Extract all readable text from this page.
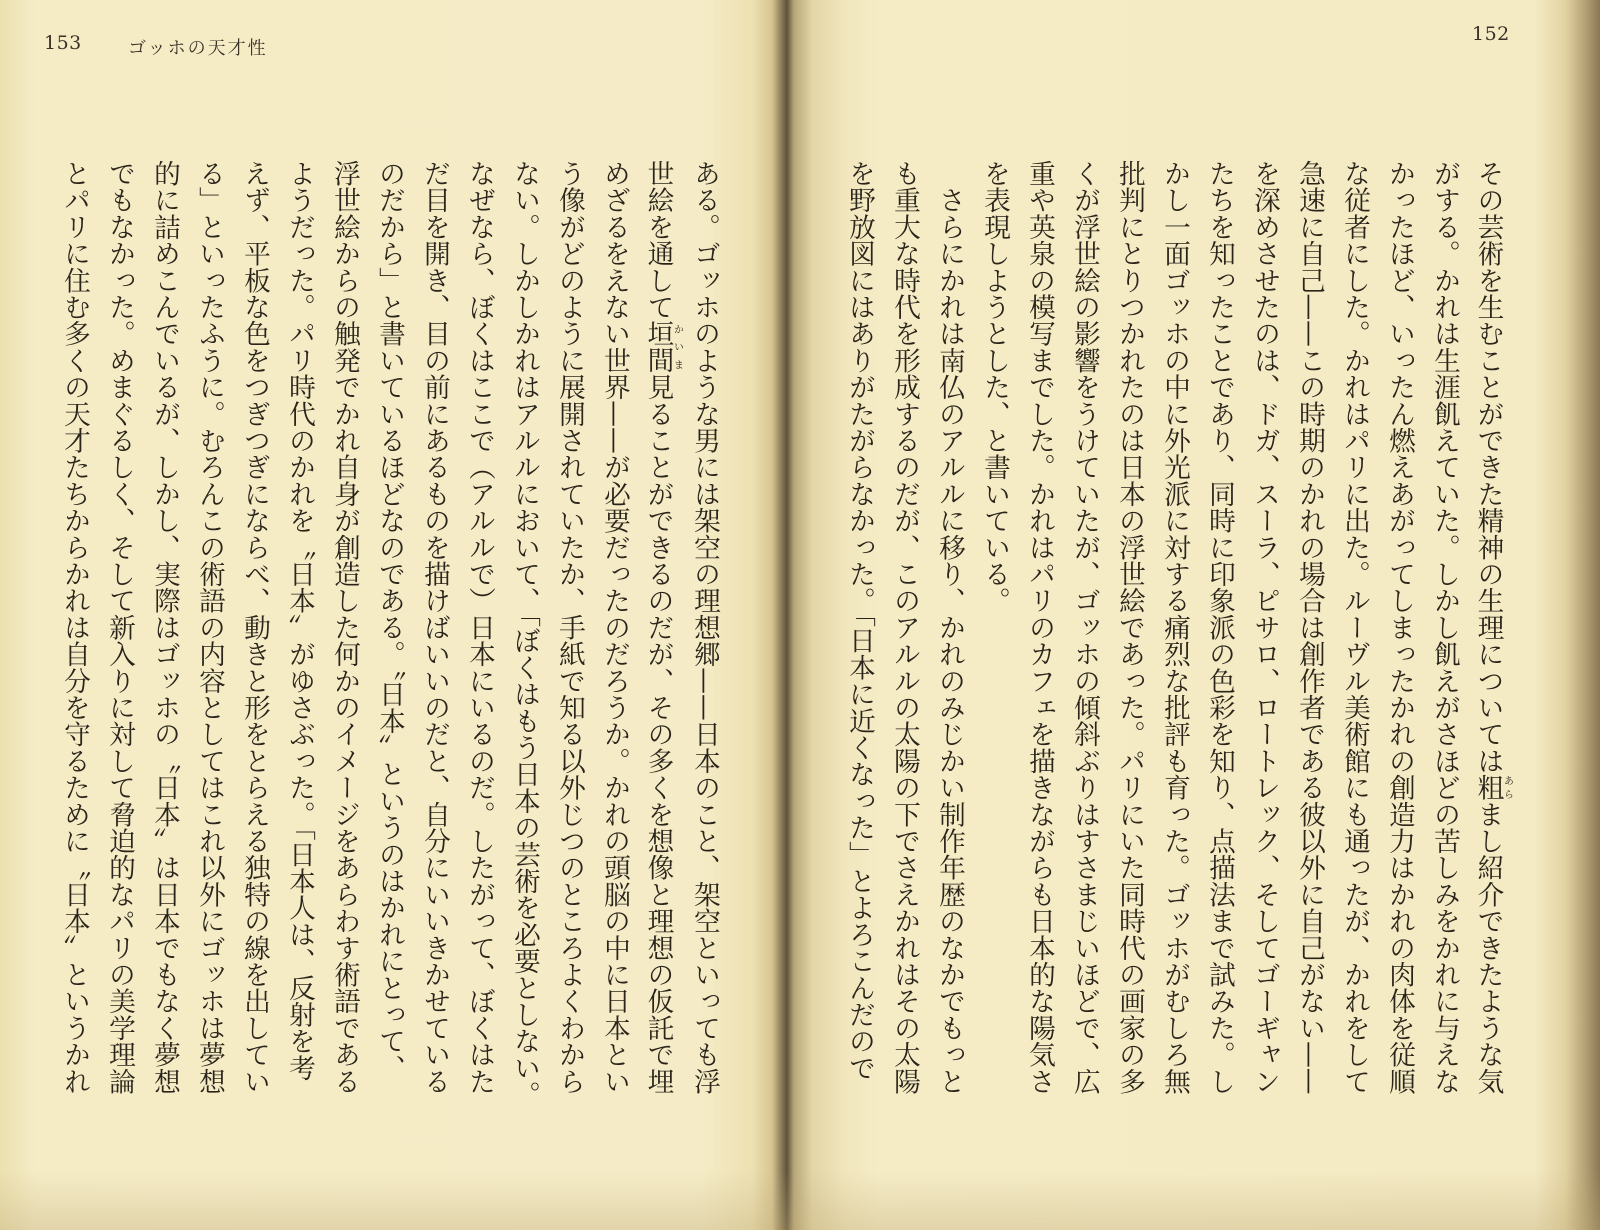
153	ゴッホの天才性
ある。ゴッホのような男には架空の理想郷——日本のこと、架空といっても浮
世絵を通して垣間かいま見ることができるのだが、その多くを想像と理想の仮託で埋
めざるをえない世界——が必要だったのだろうか。かれの頭脳の中に日本とい
う像がどのように展開されていたか、手紙で知る以外じつのところよくわから
ない。しかしかれはアルルにおいて、「ぼくはもう日本の芸術を必要としない。
なぜなら、ぼくはここで（アルルで）日本にいるのだ。したがって、ぼくはた
だ目を開き、目の前にあるものを描けばいいのだと、自分にいいきかせている
のだから」と書いているほどなのである。〝日本〟というのはかれにとって、
浮世絵からの触発でかれ自身が創造した何かのイメージをあらわす術語である
ようだった。パリ時代のかれを〝日本〟がゆさぶった。「日本人は、反射を考
えず、平板な色をつぎつぎにならべ、動きと形をとらえる独特の線を出してい
る」といったふうに。むろんこの術語の内容としてはこれ以外にゴッホは夢想
的に詰めこんでいるが、しかし、実際はゴッホの〝日本〟は日本でもなく夢想
でもなかった。めまぐるしく、そして新入りに対して脅迫的なパリの美学理論
とパリに住む多くの天才たちからかれは自分を守るために〝日本〟というかれ
152
その芸術を生むことができた精神の生理については粗あらまし紹介できたような気
がする。かれは生涯飢えていた。しかし飢えがさほどの苦しみをかれに与えな
かったほど、いったん燃えあがってしまったかれの創造力はかれの肉体を従順
な従者にした。かれはパリに出た。ルーヴル美術館にも通ったが、かれをして
急速に自己——この時期のかれの場合は創作者である彼以外に自己がない——
を深めさせたのは、ドガ、スーラ、ピサロ、ロートレック、そしてゴーギャン
たちを知ったことであり、同時に印象派の色彩を知り、点描法まで試みた。し
かし一面ゴッホの中に外光派に対する痛烈な批評も育った。ゴッホがむしろ無
批判にとりつかれたのは日本の浮世絵であった。パリにいた同時代の画家の多
くが浮世絵の影響をうけていたが、ゴッホの傾斜ぶりはすさまじいほどで、広
重や英泉の模写までした。かれはパリのカフェを描きながらも日本的な陽気さ
を表現しようとした、と書いている。
　さらにかれは南仏のアルルに移り、かれのみじかい制作年歴のなかでもっと
も重大な時代を形成するのだが、このアルルの太陽の下でさえかれはその太陽
を野放図にはありがたがらなかった。「日本に近くなった」とよろこんだので
